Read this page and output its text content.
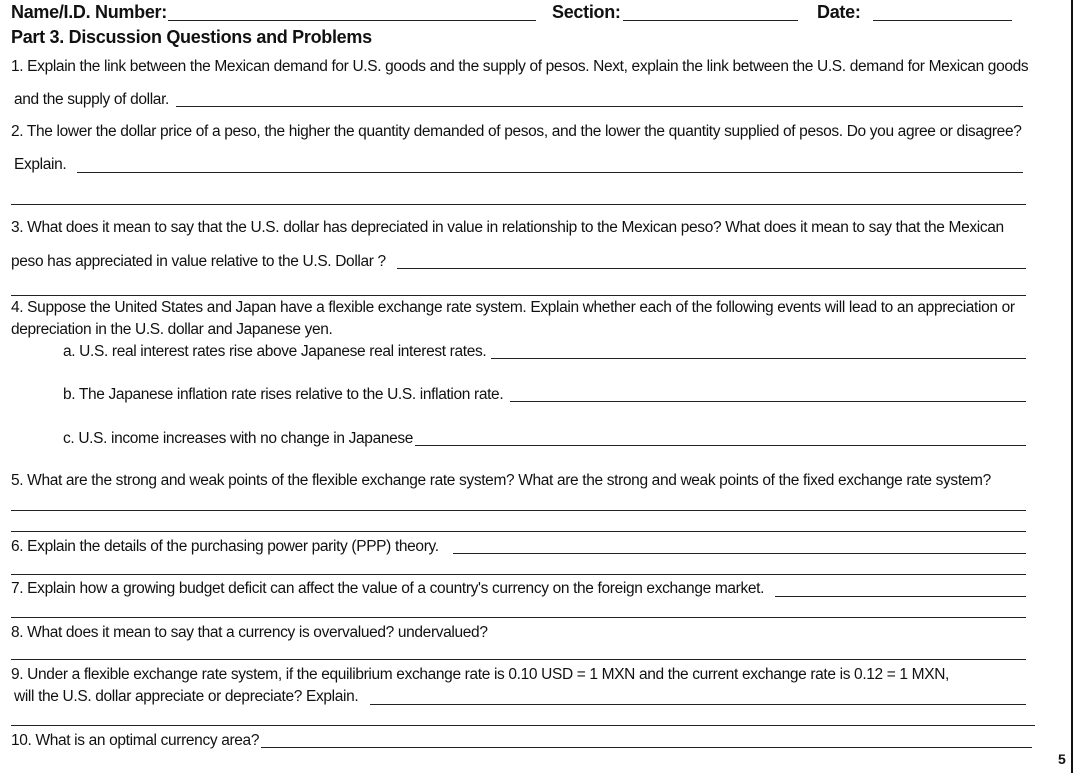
Name/I.D. Number:	Section:	Date:
Part 3. Discussion Questions and Problems
1. Explain the link between the Mexican demand for U.S. goods and the supply of pesos. Next, explain the link between the U.S. demand for Mexican goods
and the supply of dollar.
2. The lower the dollar price of a peso, the higher the quantity demanded of pesos, and the lower the quantity supplied of pesos. Do you agree or disagree?
Explain.
3. What does it mean to say that the U.S. dollar has depreciated in value in relationship to the Mexican peso? What does it mean to say that the Mexican
peso has appreciated in value relative to the U.S. Dollar ?
4. Suppose the United States and Japan have a flexible exchange rate system. Explain whether each of the following events will lead to an appreciation or
depreciation in the U.S. dollar and Japanese yen.
a. U.S. real interest rates rise above Japanese real interest rates.
b. The Japanese inflation rate rises relative to the U.S. inflation rate.
c. U.S. income increases with no change in Japanese
5. What are the strong and weak points of the flexible exchange rate system? What are the strong and weak points of the fixed exchange rate system?
6. Explain the details of the purchasing power parity (PPP) theory.
7. Explain how a growing budget deficit can affect the value of a country's currency on the foreign exchange market.
8. What does it mean to say that a currency is overvalued? undervalued?
9. Under a flexible exchange rate system, if the equilibrium exchange rate is 0.10 USD = 1 MXN and the current exchange rate is 0.12 = 1 MXN,
will the U.S. dollar appreciate or depreciate? Explain.
10. What is an optimal currency area?
5
